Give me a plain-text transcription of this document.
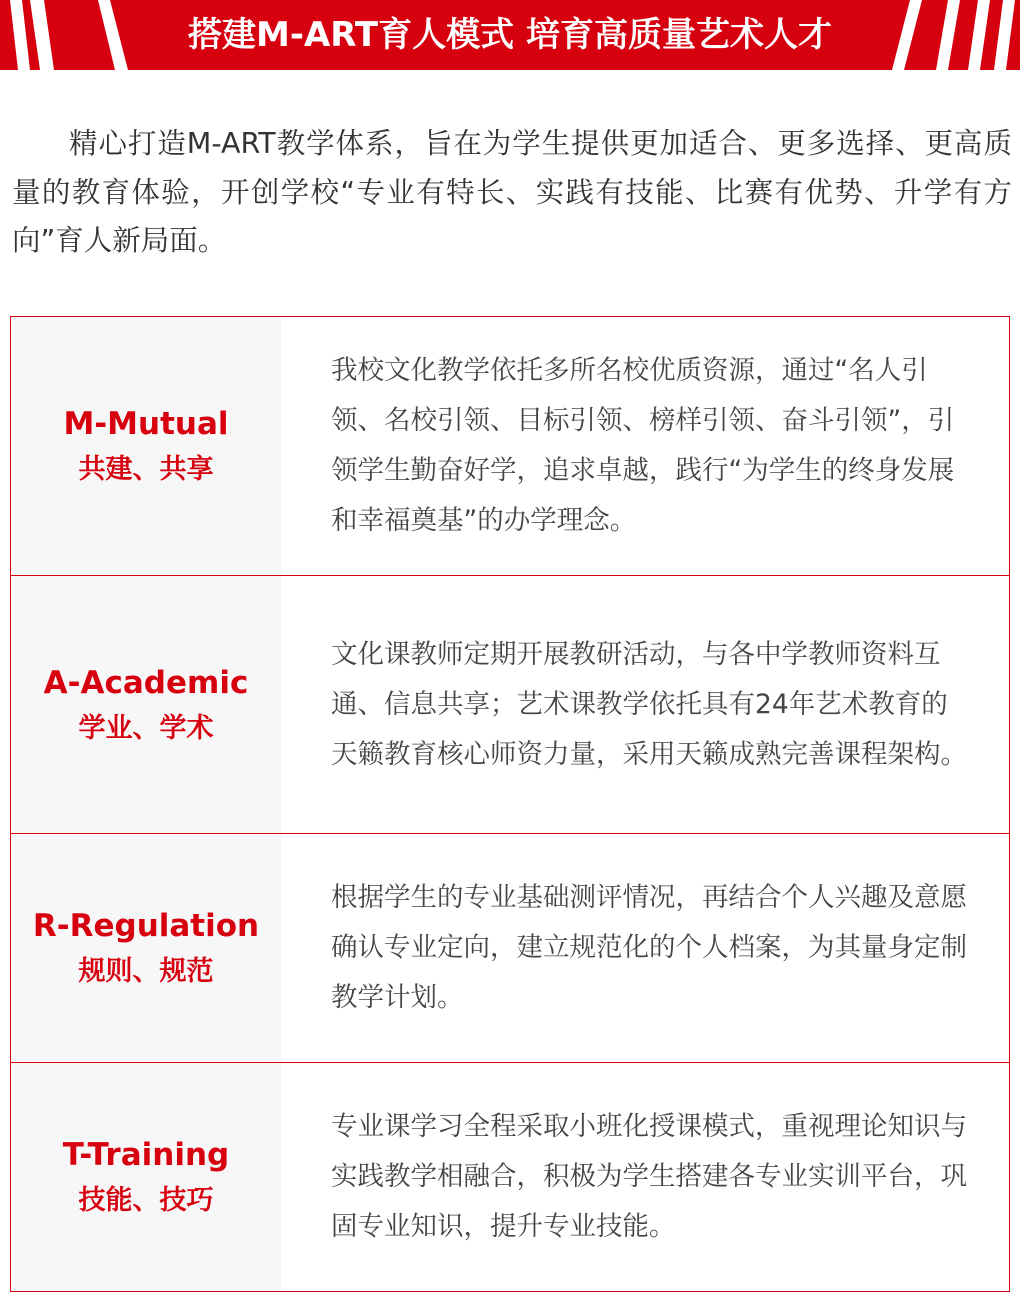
搭建M-ART育人模式 培育高质量艺术人才
精心打造M-ART教学体系，旨在为学生提供更加适合、更多选择、更高质量的教育体验，开创学校“专业有特长、实践有技能、比赛有优势、升学有方向”育人新局面。
M-Mutual
共建、共享
我校文化教学依托多所名校优质资源，通过“名人引领、名校引领、目标引领、榜样引领、奋斗引领”，引领学生勤奋好学，追求卓越，践行“为学生的终身发展和幸福奠基”的办学理念。
A-Academic
学业、学术
文化课教师定期开展教研活动，与各中学教师资料互通、信息共享；艺术课教学依托具有24年艺术教育的天籁教育核心师资力量，采用天籁成熟完善课程架构。
R-Regulation
规则、规范
根据学生的专业基础测评情况，再结合个人兴趣及意愿确认专业定向，建立规范化的个人档案，为其量身定制教学计划。
T-Training
技能、技巧
专业课学习全程采取小班化授课模式，重视理论知识与实践教学相融合，积极为学生搭建各专业实训平台，巩固专业知识，提升专业技能。
